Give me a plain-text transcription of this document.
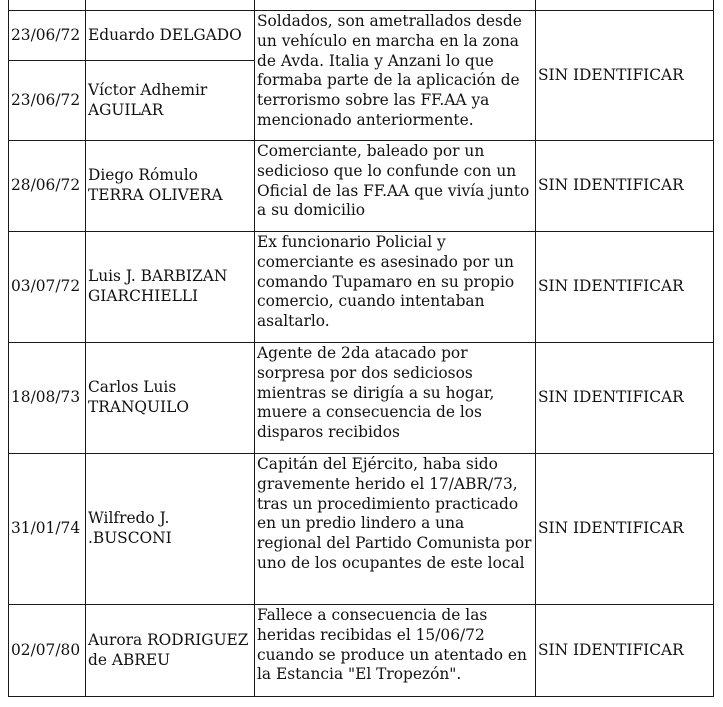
23/06/72	Eduardo DELGADO	Soldados, son ametrallados desde un vehículo en marcha en la zona de Avda. Italia y Anzani lo que formaba parte de la aplicación de terrorismo sobre las FF.AA ya mencionado anteriormente.	SIN IDENTIFICAR
23/06/72	Víctor Adhemir AGUILAR		
28/06/72	Diego Rómulo TERRA OLIVERA	Comerciante, baleado por un sedicioso que lo confunde con un Oficial de las FF.AA que vivía junto a su domicilio	SIN IDENTIFICAR
03/07/72	Luis J. BARBIZAN GIARCHIELLI	Ex funcionario Policial y comerciante es asesinado por un comando Tupamaro en su propio comercio, cuando intentaban asaltarlo.	SIN IDENTIFICAR
18/08/73	Carlos Luis TRANQUILO	Agente de 2da atacado por sorpresa por dos sediciosos mientras se dirigía a su hogar, muere a consecuencia de los disparos recibidos	SIN IDENTIFICAR
31/01/74	Wilfredo J. .BUSCONI	Capitán del Ejército, haba sido gravemente herido el 17/ABR/73, tras un procedimiento practicado en un predio lindero a una regional del Partido Comunista por uno de los ocupantes de este local	SIN IDENTIFICAR
02/07/80	Aurora RODRIGUEZ de ABREU	Fallece a consecuencia de las heridas recibidas el 15/06/72 cuando se produce un atentado en la Estancia "El Tropezón".	SIN IDENTIFICAR
